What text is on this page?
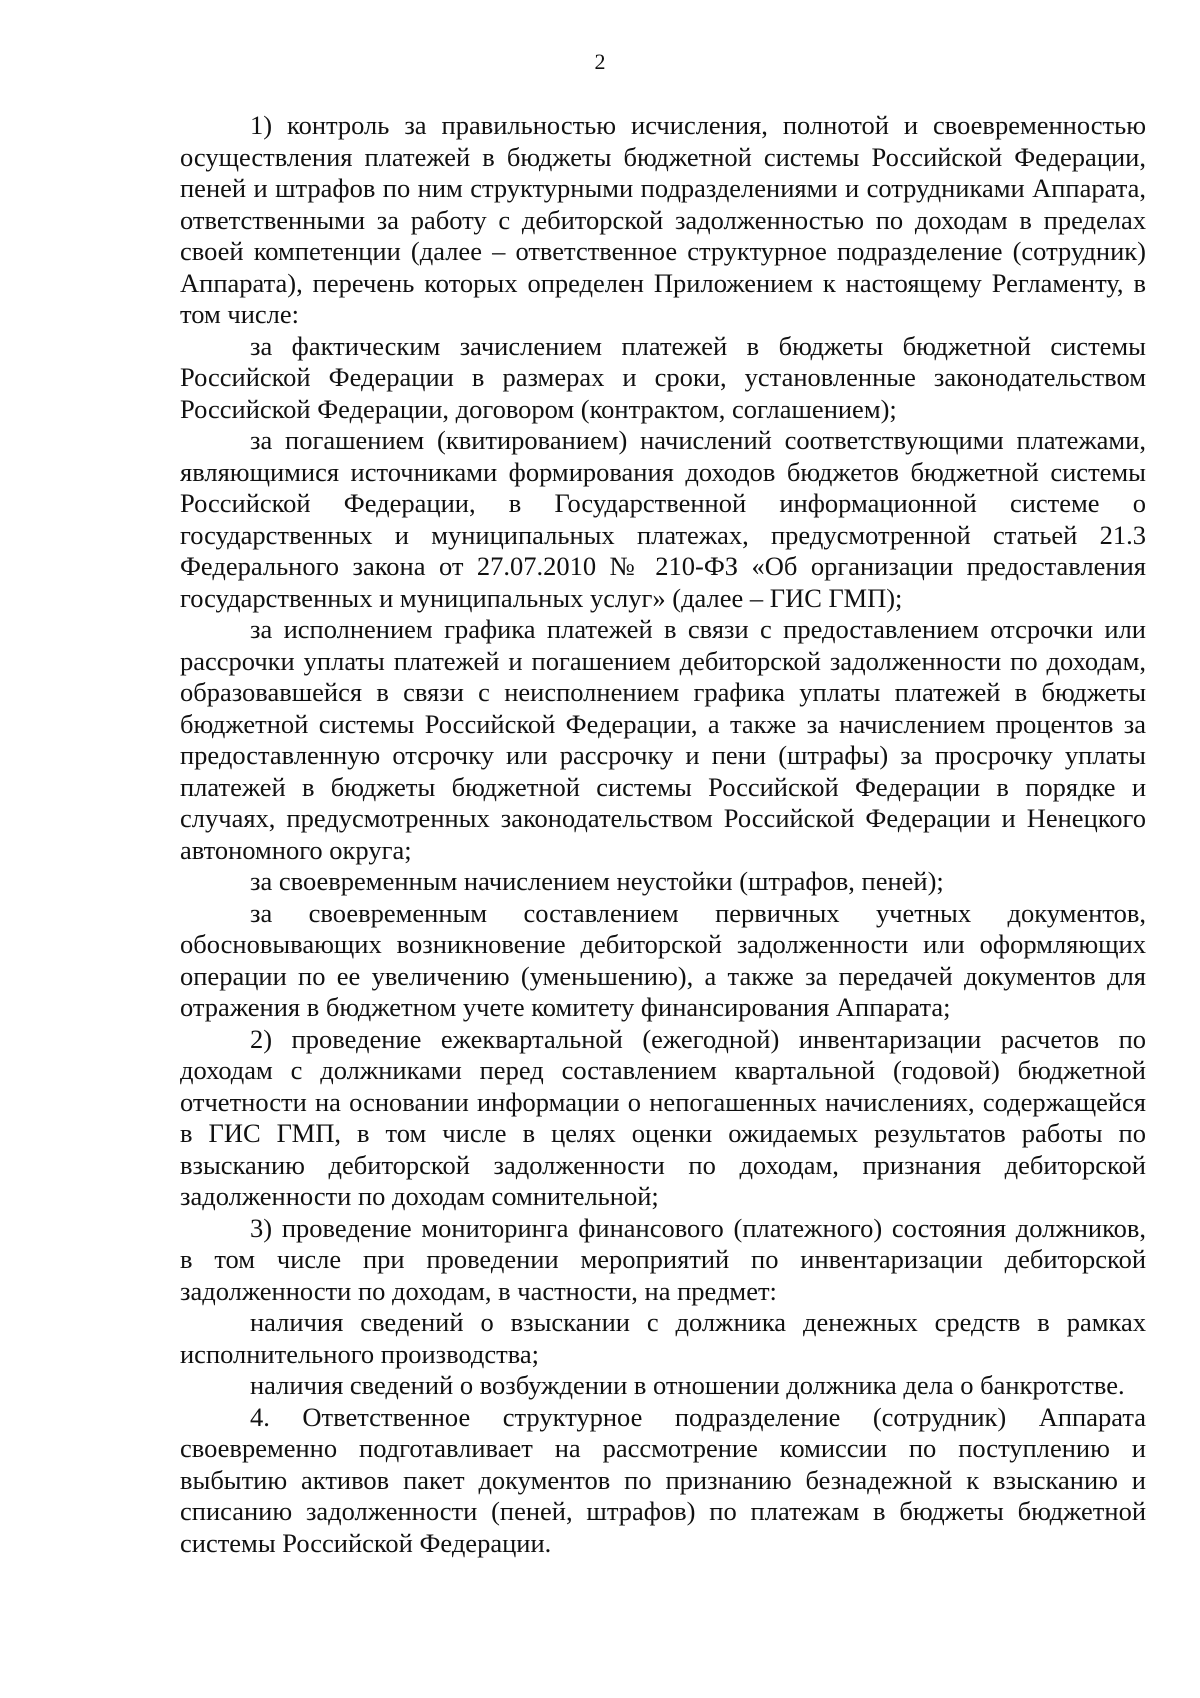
2

1) контроль за правильностью исчисления, полнотой и своевременностью осуществления платежей в бюджеты бюджетной системы Российской Федерации, пеней и штрафов по ним структурными подразделениями и сотрудниками Аппарата, ответственными за работу с дебиторской задолженностью по доходам в пределах своей компетенции (далее – ответственное структурное подразделение (сотрудник) Аппарата), перечень которых определен Приложением к настоящему Регламенту, в том числе:

за фактическим зачислением платежей в бюджеты бюджетной системы Российской Федерации в размерах и сроки, установленные законодательством Российской Федерации, договором (контрактом, соглашением);

за погашением (квитированием) начислений соответствующими платежами, являющимися источниками формирования доходов бюджетов бюджетной системы Российской Федерации, в Государственной информационной системе о государственных и муниципальных платежах, предусмотренной статьей 21.3 Федерального закона от 27.07.2010 № 210-ФЗ «Об организации предоставления государственных и муниципальных услуг» (далее – ГИС ГМП);

за исполнением графика платежей в связи с предоставлением отсрочки или рассрочки уплаты платежей и погашением дебиторской задолженности по доходам, образовавшейся в связи с неисполнением графика уплаты платежей в бюджеты бюджетной системы Российской Федерации, а также за начислением процентов за предоставленную отсрочку или рассрочку и пени (штрафы) за просрочку уплаты платежей в бюджеты бюджетной системы Российской Федерации в порядке и случаях, предусмотренных законодательством Российской Федерации и Ненецкого автономного округа;

за своевременным начислением неустойки (штрафов, пеней);

за своевременным составлением первичных учетных документов, обосновывающих возникновение дебиторской задолженности или оформляющих операции по ее увеличению (уменьшению), а также за передачей документов для отражения в бюджетном учете комитету финансирования Аппарата;

2) проведение ежеквартальной (ежегодной) инвентаризации расчетов по доходам с должниками перед составлением квартальной (годовой) бюджетной отчетности на основании информации о непогашенных начислениях, содержащейся в ГИС ГМП, в том числе в целях оценки ожидаемых результатов работы по взысканию дебиторской задолженности по доходам, признания дебиторской задолженности по доходам сомнительной;

3) проведение мониторинга финансового (платежного) состояния должников, в том числе при проведении мероприятий по инвентаризации дебиторской задолженности по доходам, в частности, на предмет:

наличия сведений о взыскании с должника денежных средств в рамках исполнительного производства;

наличия сведений о возбуждении в отношении должника дела о банкротстве.

4. Ответственное структурное подразделение (сотрудник) Аппарата своевременно подготавливает на рассмотрение комиссии по поступлению и выбытию активов пакет документов по признанию безнадежной к взысканию и списанию задолженности (пеней, штрафов) по платежам в бюджеты бюджетной системы Российской Федерации.
